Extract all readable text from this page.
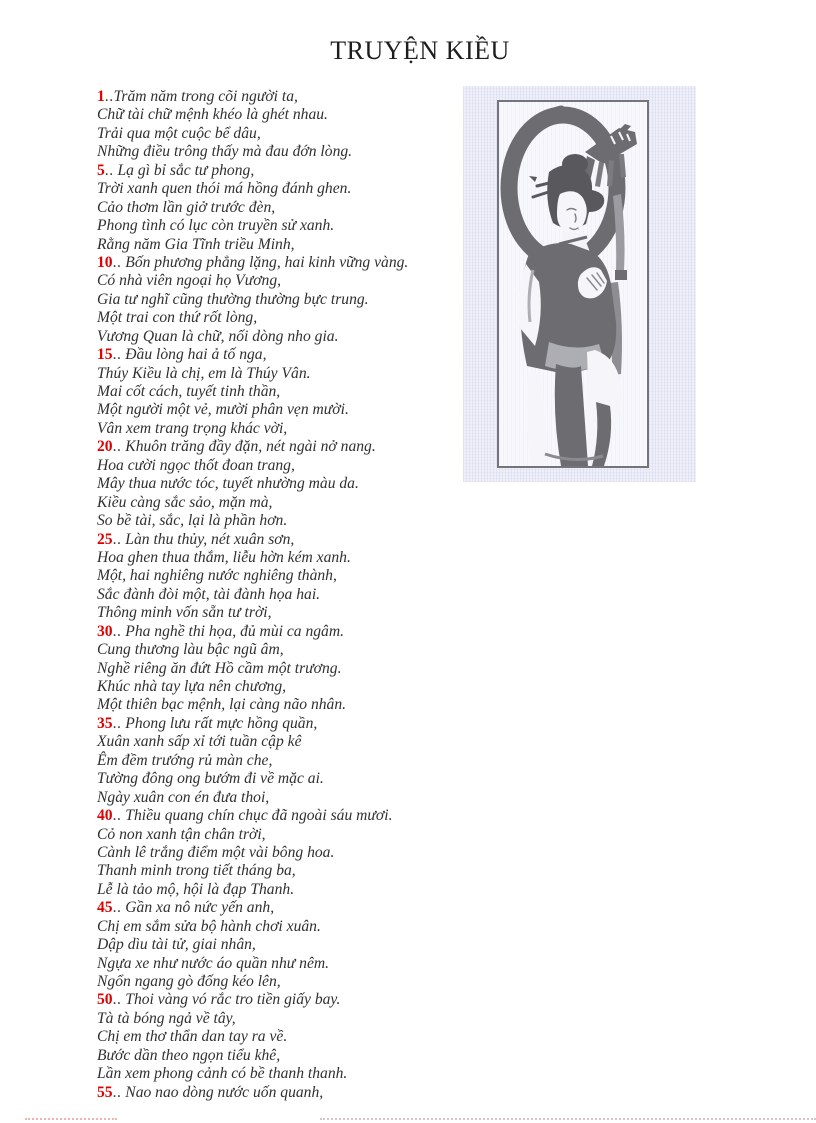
TRUYỆN KIỀU
1..Trăm năm trong cõi người ta,
Chữ tài chữ mệnh khéo là ghét nhau.
Trải qua một cuộc bể dâu,
Những điều trông thấy mà đau đớn lòng.
5.. Lạ gì bỉ sắc tư phong,
Trời xanh quen thói má hồng đánh ghen.
Cảo thơm lần giở trước đèn,
Phong tình có lục còn truyền sử xanh.
Rằng năm Gia Tĩnh triều Minh,
10.. Bốn phương phẳng lặng, hai kinh vững vàng.
Có nhà viên ngoại họ Vương,
Gia tư nghĩ cũng thường thường bực trung.
Một trai con thứ rốt lòng,
Vương Quan là chữ, nối dòng nho gia.
15.. Đầu lòng hai ả tố nga,
Thúy Kiều là chị, em là Thúy Vân.
Mai cốt cách, tuyết tinh thần,
Một người một vẻ, mười phân vẹn mười.
Vân xem trang trọng khác vời,
20.. Khuôn trăng đầy đặn, nét ngài nở nang.
Hoa cười ngọc thốt đoan trang,
Mây thua nước tóc, tuyết nhường màu da.
Kiều càng sắc sảo, mặn mà,
So bề tài, sắc, lại là phần hơn.
25.. Làn thu thủy, nét xuân sơn,
Hoa ghen thua thắm, liễu hờn kém xanh.
Một, hai nghiêng nước nghiêng thành,
Sắc đành đòi một, tài đành họa hai.
Thông minh vốn sẵn tư trời,
30.. Pha nghề thi họa, đủ mùi ca ngâm.
Cung thương làu bậc ngũ âm,
Nghề riêng ăn đứt Hồ cầm một trương.
Khúc nhà tay lựa nên chương,
Một thiên bạc mệnh, lại càng não nhân.
35.. Phong lưu rất mực hồng quần,
Xuân xanh sấp xỉ tới tuần cập kê
Êm đềm trướng rủ màn che,
Tường đông ong bướm đi về mặc ai.
Ngày xuân con én đưa thoi,
40.. Thiều quang chín chục đã ngoài sáu mươi.
Cỏ non xanh tận chân trời,
Cành lê trắng điểm một vài bông hoa.
Thanh minh trong tiết tháng ba,
Lễ là tảo mộ, hội là đạp Thanh.
45.. Gần xa nô nức yến anh,
Chị em sắm sửa bộ hành chơi xuân.
Dập dìu tài tử, giai nhân,
Ngựa xe như nước áo quần như nêm.
Ngổn ngang gò đống kéo lên,
50.. Thoi vàng vó rắc tro tiền giấy bay.
Tà tà bóng ngả về tây,
Chị em thơ thẩn dan tay ra về.
Bước dần theo ngọn tiểu khê,
Lần xem phong cảnh có bề thanh thanh.
55.. Nao nao dòng nước uốn quanh,
